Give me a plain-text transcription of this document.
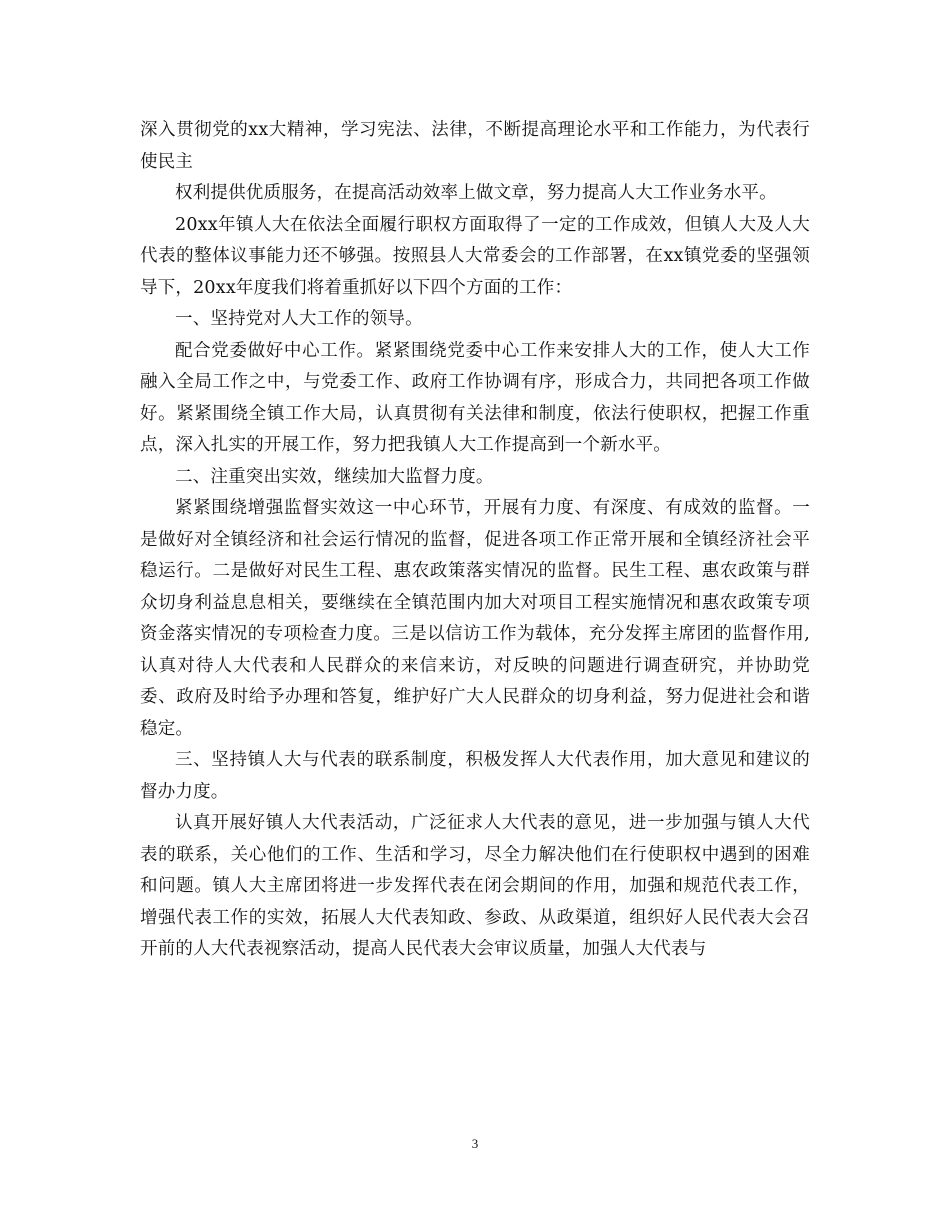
深入贯彻党的xx大精神，学习宪法、法律，不断提高理论水平和工作能力，为代表行使民主

权利提供优质服务，在提高活动效率上做文章，努力提高人大工作业务水平。

20xx年镇人大在依法全面履行职权方面取得了一定的工作成效，但镇人大及人大代表的整体议事能力还不够强。按照县人大常委会的工作部署，在xx镇党委的坚强领导下，20xx年度我们将着重抓好以下四个方面的工作：

一、坚持党对人大工作的领导。

配合党委做好中心工作。紧紧围绕党委中心工作来安排人大的工作，使人大工作融入全局工作之中，与党委工作、政府工作协调有序，形成合力，共同把各项工作做好。紧紧围绕全镇工作大局，认真贯彻有关法律和制度，依法行使职权，把握工作重点，深入扎实的开展工作，努力把我镇人大工作提高到一个新水平。

二、注重突出实效，继续加大监督力度。

紧紧围绕增强监督实效这一中心环节，开展有力度、有深度、有成效的监督。一是做好对全镇经济和社会运行情况的监督，促进各项工作正常开展和全镇经济社会平稳运行。二是做好对民生工程、惠农政策落实情况的监督。民生工程、惠农政策与群众切身利益息息相关，要继续在全镇范围内加大对项目工程实施情况和惠农政策专项资金落实情况的专项检查力度。三是以信访工作为载体，充分发挥主席团的监督作用,认真对待人大代表和人民群众的来信来访，对反映的问题进行调查研究，并协助党委、政府及时给予办理和答复，维护好广大人民群众的切身利益，努力促进社会和谐稳定。

三、坚持镇人大与代表的联系制度，积极发挥人大代表作用，加大意见和建议的督办力度。

认真开展好镇人大代表活动，广泛征求人大代表的意见，进一步加强与镇人大代表的联系，关心他们的工作、生活和学习，尽全力解决他们在行使职权中遇到的困难和问题。镇人大主席团将进一步发挥代表在闭会期间的作用，加强和规范代表工作，增强代表工作的实效，拓展人大代表知政、参政、从政渠道，组织好人民代表大会召开前的人大代表视察活动，提高人民代表大会审议质量，加强人大代表与

3
